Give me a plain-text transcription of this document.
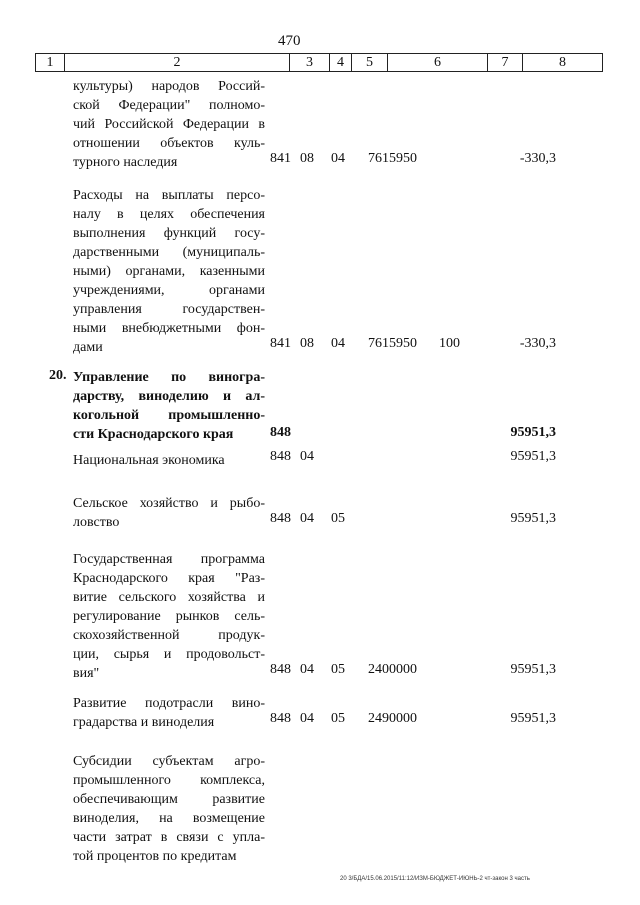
470
1	2	3	4	5	6	7	8
культуры) народов Россий-
ской Федерации" полномо-
чий Российской Федерации в
отношении объектов куль-
турного наследия	841 08 04 7615950	-330,3
Расходы на выплаты персо-
налу в целях обеспечения
выполнения функций госу-
дарственными (муниципаль-
ными) органами, казенными
учреждениями, органами
управления государствен-
ными внебюджетными фон-
дами	841 08 04 7615950 100	-330,3
20. Управление по виногра-
дарству, виноделию и ал-
когольной промышленно-
сти Краснодарского края	848	95951,3
Национальная экономика	848 04	95951,3
Сельское хозяйство и рыбо-
ловство	848 04 05	95951,3
Государственная программа
Краснодарского края "Раз-
витие сельского хозяйства и
регулирование рынков сель-
скохозяйственной продук-
ции, сырья и продовольст-
вия"	848 04 05 2400000	95951,3
Развитие подотрасли вино-
градарства и виноделия	848 04 05 2490000	95951,3
Субсидии субъектам агро-
промышленного комплекса,
обеспечивающим развитие
виноделия, на возмещение
части затрат в связи с упла-
той процентов по кредитам
20 3/БДА/15.06.2015/11:12/ИЗМ-БЮДЖЕТ-ИЮНЬ-2 чт-закон 3 часть
